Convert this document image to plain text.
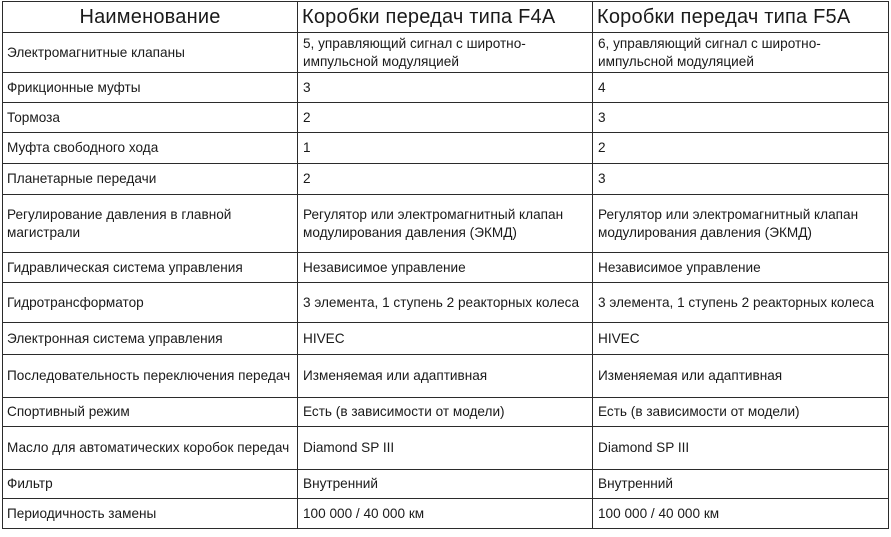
Наименование	Коробки передач типа F4A	Коробки передач типа F5A
Электромагнитные клапаны	5, управляющий сигнал с широтно-импульсной модуляцией	6, управляющий сигнал с широтно-импульсной модуляцией
Фрикционные муфты	3	4
Тормоза	2	3
Муфта свободного хода	1	2
Планетарные передачи	2	3
Регулирование давления в главной магистрали	Регулятор или электромагнитный клапан модулирования давления (ЭКМД)	Регулятор или электромагнитный клапан модулирования давления (ЭКМД)
Гидравлическая система управления	Независимое управление	Независимое управление
Гидротрансформатор	3 элемента, 1 ступень 2 реакторных колеса	3 элемента, 1 ступень 2 реакторных колеса
Электронная система управления	HIVEC	HIVEC
Последовательность переключения передач	Изменяемая или адаптивная	Изменяемая или адаптивная
Спортивный режим	Есть (в зависимости от модели)	Есть (в зависимости от модели)
Масло для автоматических коробок передач	Diamond SP III	Diamond SP III
Фильтр	Внутренний	Внутренний
Периодичность замены	100 000 / 40 000 км	100 000 / 40 000 км
